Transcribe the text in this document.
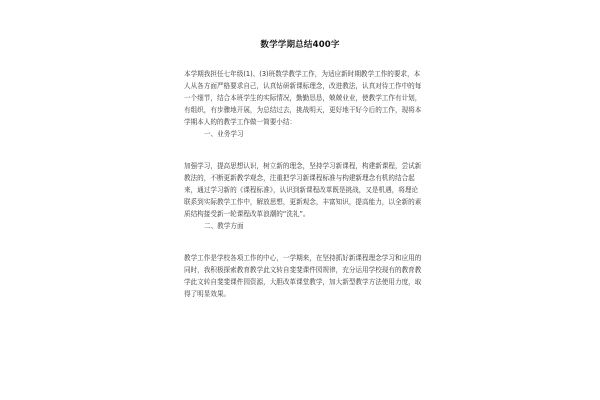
数学学期总结400字

本学期我担任七年级(1)、(3)班数学教学工作，为适应新时期教学工作的要求，本人从各方面严格要求自己，认真钻研新课标理念，改进教法，认真对待工作中的每一个细节，结合本班学生的实际情况，勤勤恳恳，兢兢业业，使教学工作有计划，有组织，有步骤地开展，为总结过去，挑战明天，更好地干好今后的工作，现将本学期本人的的教学工作做一简要小结：

一、业务学习

加强学习，提高思想认识，树立新的理念，坚持学习新课程，构建新课程，尝试新教法的，不断更新教学观念，注重把学习新课程标准与构建新理念有机的结合起来，通过学习新的《课程标准》，认识到新课程改革既是挑战，又是机遇，将理论联系到实际教学工作中，解放思想，更新观念，丰富知识，提高能力，以全新的素质结构接受新一轮课程改革浪潮的“洗礼”。

二、教学方面

教学工作是学校各项工作的中心，一学期来，在坚持抓好新课程理念学习和应用的同时，我积极探索教育教学此文转自斐斐课件园规律，充分运用学校现有的教育教学此文转自斐斐课件园资源，大胆改革课堂教学，加大新型教学方法使用力度，取得了明显效果。
